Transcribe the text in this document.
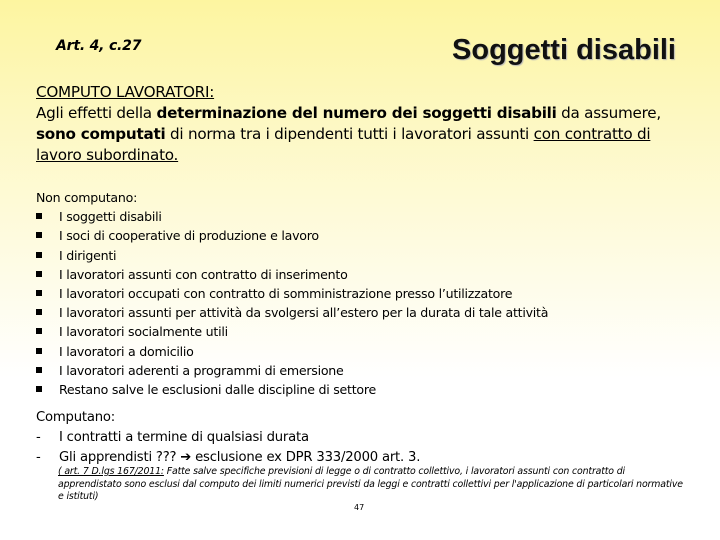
Art. 4, c.27	Soggetti disabili
COMPUTO LAVORATORI:
Agli effetti della determinazione del numero dei soggetti disabili da assumere, sono computati di norma tra i dipendenti tutti i lavoratori assunti con contratto di lavoro subordinato.
Non computano:
I soggetti disabili
I soci di cooperative di produzione e lavoro
I dirigenti
I lavoratori assunti con contratto di inserimento
I lavoratori occupati con contratto di somministrazione presso l’utilizzatore
I lavoratori assunti per attività da svolgersi all’estero per la durata di tale attività
I lavoratori socialmente utili
I lavoratori a domicilio
I lavoratori aderenti a programmi di emersione
Restano salve le esclusioni dalle discipline di settore
Computano:
- I contratti a termine di qualsiasi durata
- Gli apprendisti ??? ➔ esclusione ex DPR 333/2000 art. 3.
( art. 7 D.lgs 167/2011: Fatte salve specifiche previsioni di legge o di contratto collettivo, i lavoratori assunti con contratto di apprendistato sono esclusi dal computo dei limiti numerici previsti da leggi e contratti collettivi per l'applicazione di particolari normative e istituti)
47
